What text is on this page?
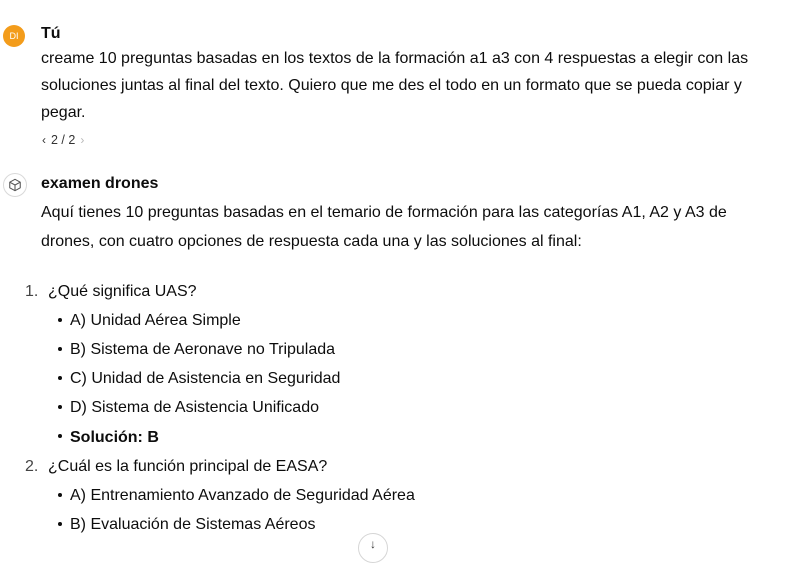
DI	Tú
creame 10 preguntas basadas en los textos de la formación a1 a3 con 4 respuestas a elegir con las
soluciones juntas al final del texto. Quiero que me des el todo en un formato que se pueda copiar y
pegar.
‹ 2 / 2 ›
examen drones
Aquí tienes 10 preguntas basadas en el temario de formación para las categorías A1, A2 y A3 de
drones, con cuatro opciones de respuesta cada una y las soluciones al final:
1. ¿Qué significa UAS?
A) Unidad Aérea Simple
B) Sistema de Aeronave no Tripulada
C) Unidad de Asistencia en Seguridad
D) Sistema de Asistencia Unificado
Solución: B
2. ¿Cuál es la función principal de EASA?
A) Entrenamiento Avanzado de Seguridad Aérea
B) Evaluación de Sistemas Aéreos
↓
